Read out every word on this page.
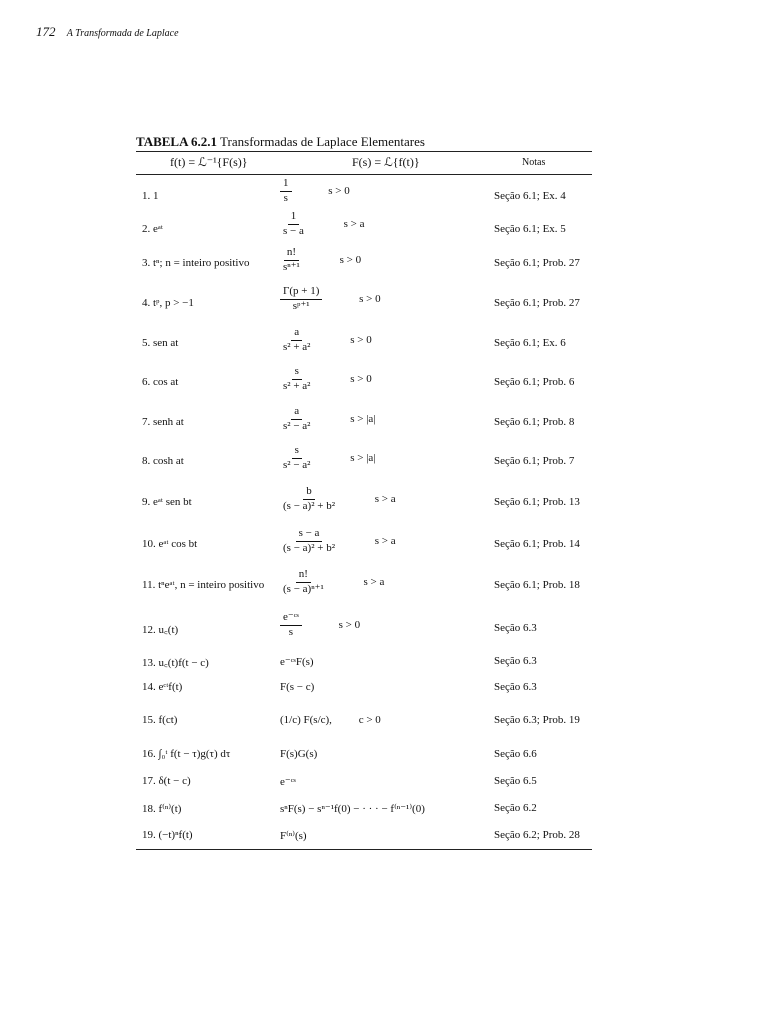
172 A Transformada de Laplace
TABELA 6.2.1 Transformadas de Laplace Elementares
f(t) = ℒ⁻¹{F(s)}	F(s) = ℒ{f(t)}	Notas
1. 1	$\frac{1}{s}$	s > 0	Seção 6.1; Ex. 4
2. eᵃᵗ	$\frac{1}{s - a}$	s > a	Seção 6.1; Ex. 5
3. tⁿ; n = inteiro positivo	$\frac{n!}{\text{sⁿ⁺¹}}$	s > 0	Seção 6.1; Prob. 27
4. tᵖ, p > −1	$\frac{\Gamma(p + 1)}{\text{sᵖ⁺¹}}$	s > 0	Seção 6.1; Prob. 27
5. sen at	$\frac{a}{\text{s² + a²}}$	s > 0	Seção 6.1; Ex. 6
6. cos at	$\frac{s}{\text{s² + a²}}$	s > 0	Seção 6.1; Prob. 6
7. senh at	$\frac{a}{\text{s² − a²}}$	s > |a|	Seção 6.1; Prob. 8
8. cosh at	$\frac{s}{\text{s² − a²}}$	s > |a|	Seção 6.1; Prob. 7
9. eᵃᵗ sen bt	$\frac{b}{\text{(s − a)² + b²}}$	s > a	Seção 6.1; Prob. 13
10. eᵃᵗ cos bt	$\frac{s - a}{\text{(s − a)² + b²}}$	s > a	Seção 6.1; Prob. 14
11. tⁿeᵃᵗ, n = inteiro positivo $\frac{n!}{\text{(s − a)ⁿ⁺¹}}$	s > a	Seção 6.1; Prob. 18
12. u꜀(t)	$\frac{\text{e⁻ᶜˢ}}{s}$	s > 0	Seção 6.3
13. u꜀(t)f(t − c)	e⁻ᶜˢF(s)	Seção 6.3
14. eᶜᵗf(t)	F(s − c)	Seção 6.3
15. f(ct)	(1/c) F(s/c), c > 0	Seção 6.3; Prob. 19
16. ∫₀ᵗ f(t − τ)g(τ) dτ	F(s)G(s)	Seção 6.6
17. δ(t − c)	e⁻ᶜˢ	Seção 6.5
18. f⁽ⁿ⁾(t)	sⁿF(s) − sⁿ⁻¹f(0) − · · · − f⁽ⁿ⁻¹⁾(0)	Seção 6.2
19. (−t)ⁿf(t)	F⁽ⁿ⁾(s)	Seção 6.2; Prob. 28
